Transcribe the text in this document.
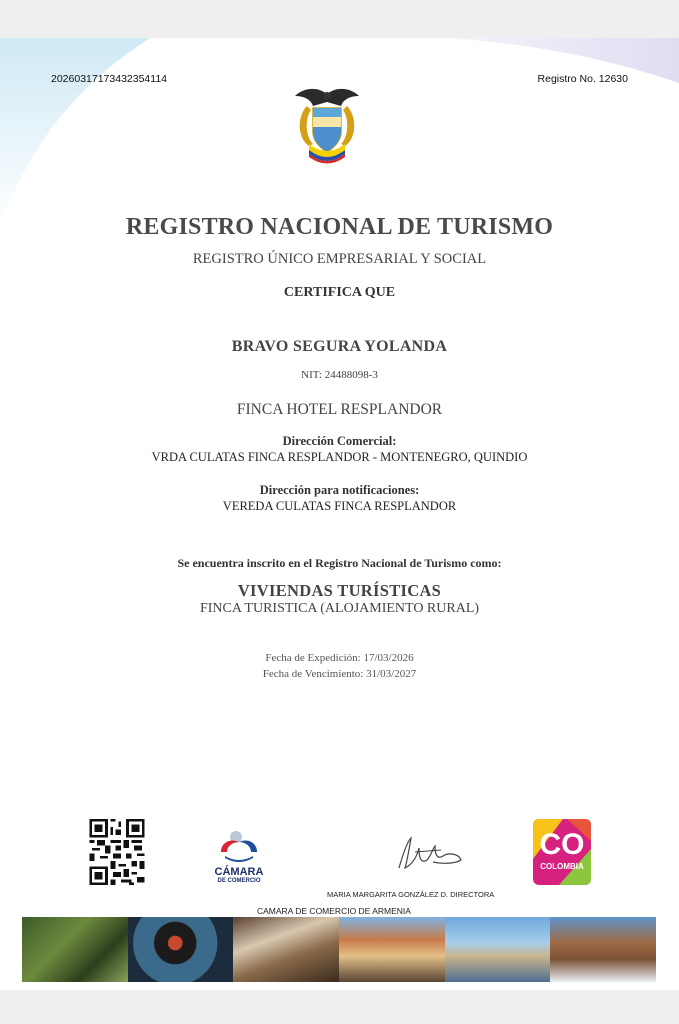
20260317173432354114	Registro No. 12630
REGISTRO NACIONAL DE TURISMO
REGISTRO ÚNICO EMPRESARIAL Y SOCIAL
CERTIFICA QUE
BRAVO SEGURA YOLANDA
NIT: 24488098-3
FINCA HOTEL RESPLANDOR
Dirección Comercial:
VRDA CULATAS FINCA RESPLANDOR - MONTENEGRO, QUINDIO
Dirección para notificaciones:
VEREDA CULATAS FINCA RESPLANDOR
Se encuentra inscrito en el Registro Nacional de Turismo como:
VIVIENDAS TURÍSTICAS
FINCA TURISTICA (ALOJAMIENTO RURAL)
Fecha de Expedición: 17/03/2026
Fecha de Vencimiento: 31/03/2027
CÁMARA
DE COMERCIO
CO
COLOMBIA
MARIA MARGARITA GONZÁLEZ D. DIRECTORA
CAMARA DE COMERCIO DE ARMENIA
